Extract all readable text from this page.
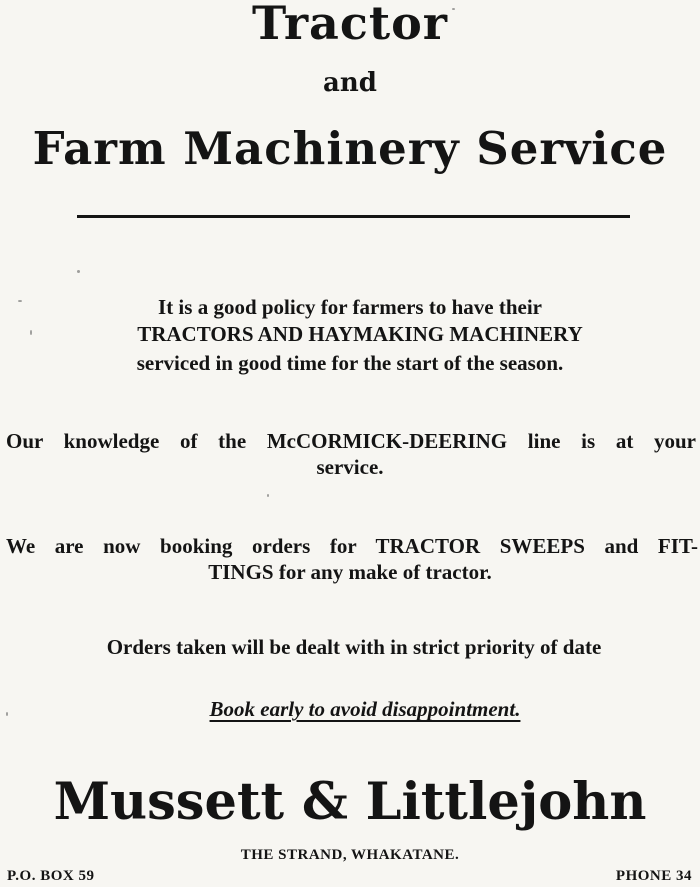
Tractor
and
Farm Machinery Service
It is a good policy for farmers to have their
TRACTORS AND HAYMAKING MACHINERY
serviced in good time for the start of the season.
Our knowledge of the McCORMICK-DEERING line is at your
service.
We are now booking orders for TRACTOR SWEEPS and FIT-
TINGS for any make of tractor.
Orders taken will be dealt with in strict priority of date
Book early to avoid disappointment.
Mussett & Littlejohn
THE STRAND, WHAKATANE.
P.O. BOX 59	PHONE 34
